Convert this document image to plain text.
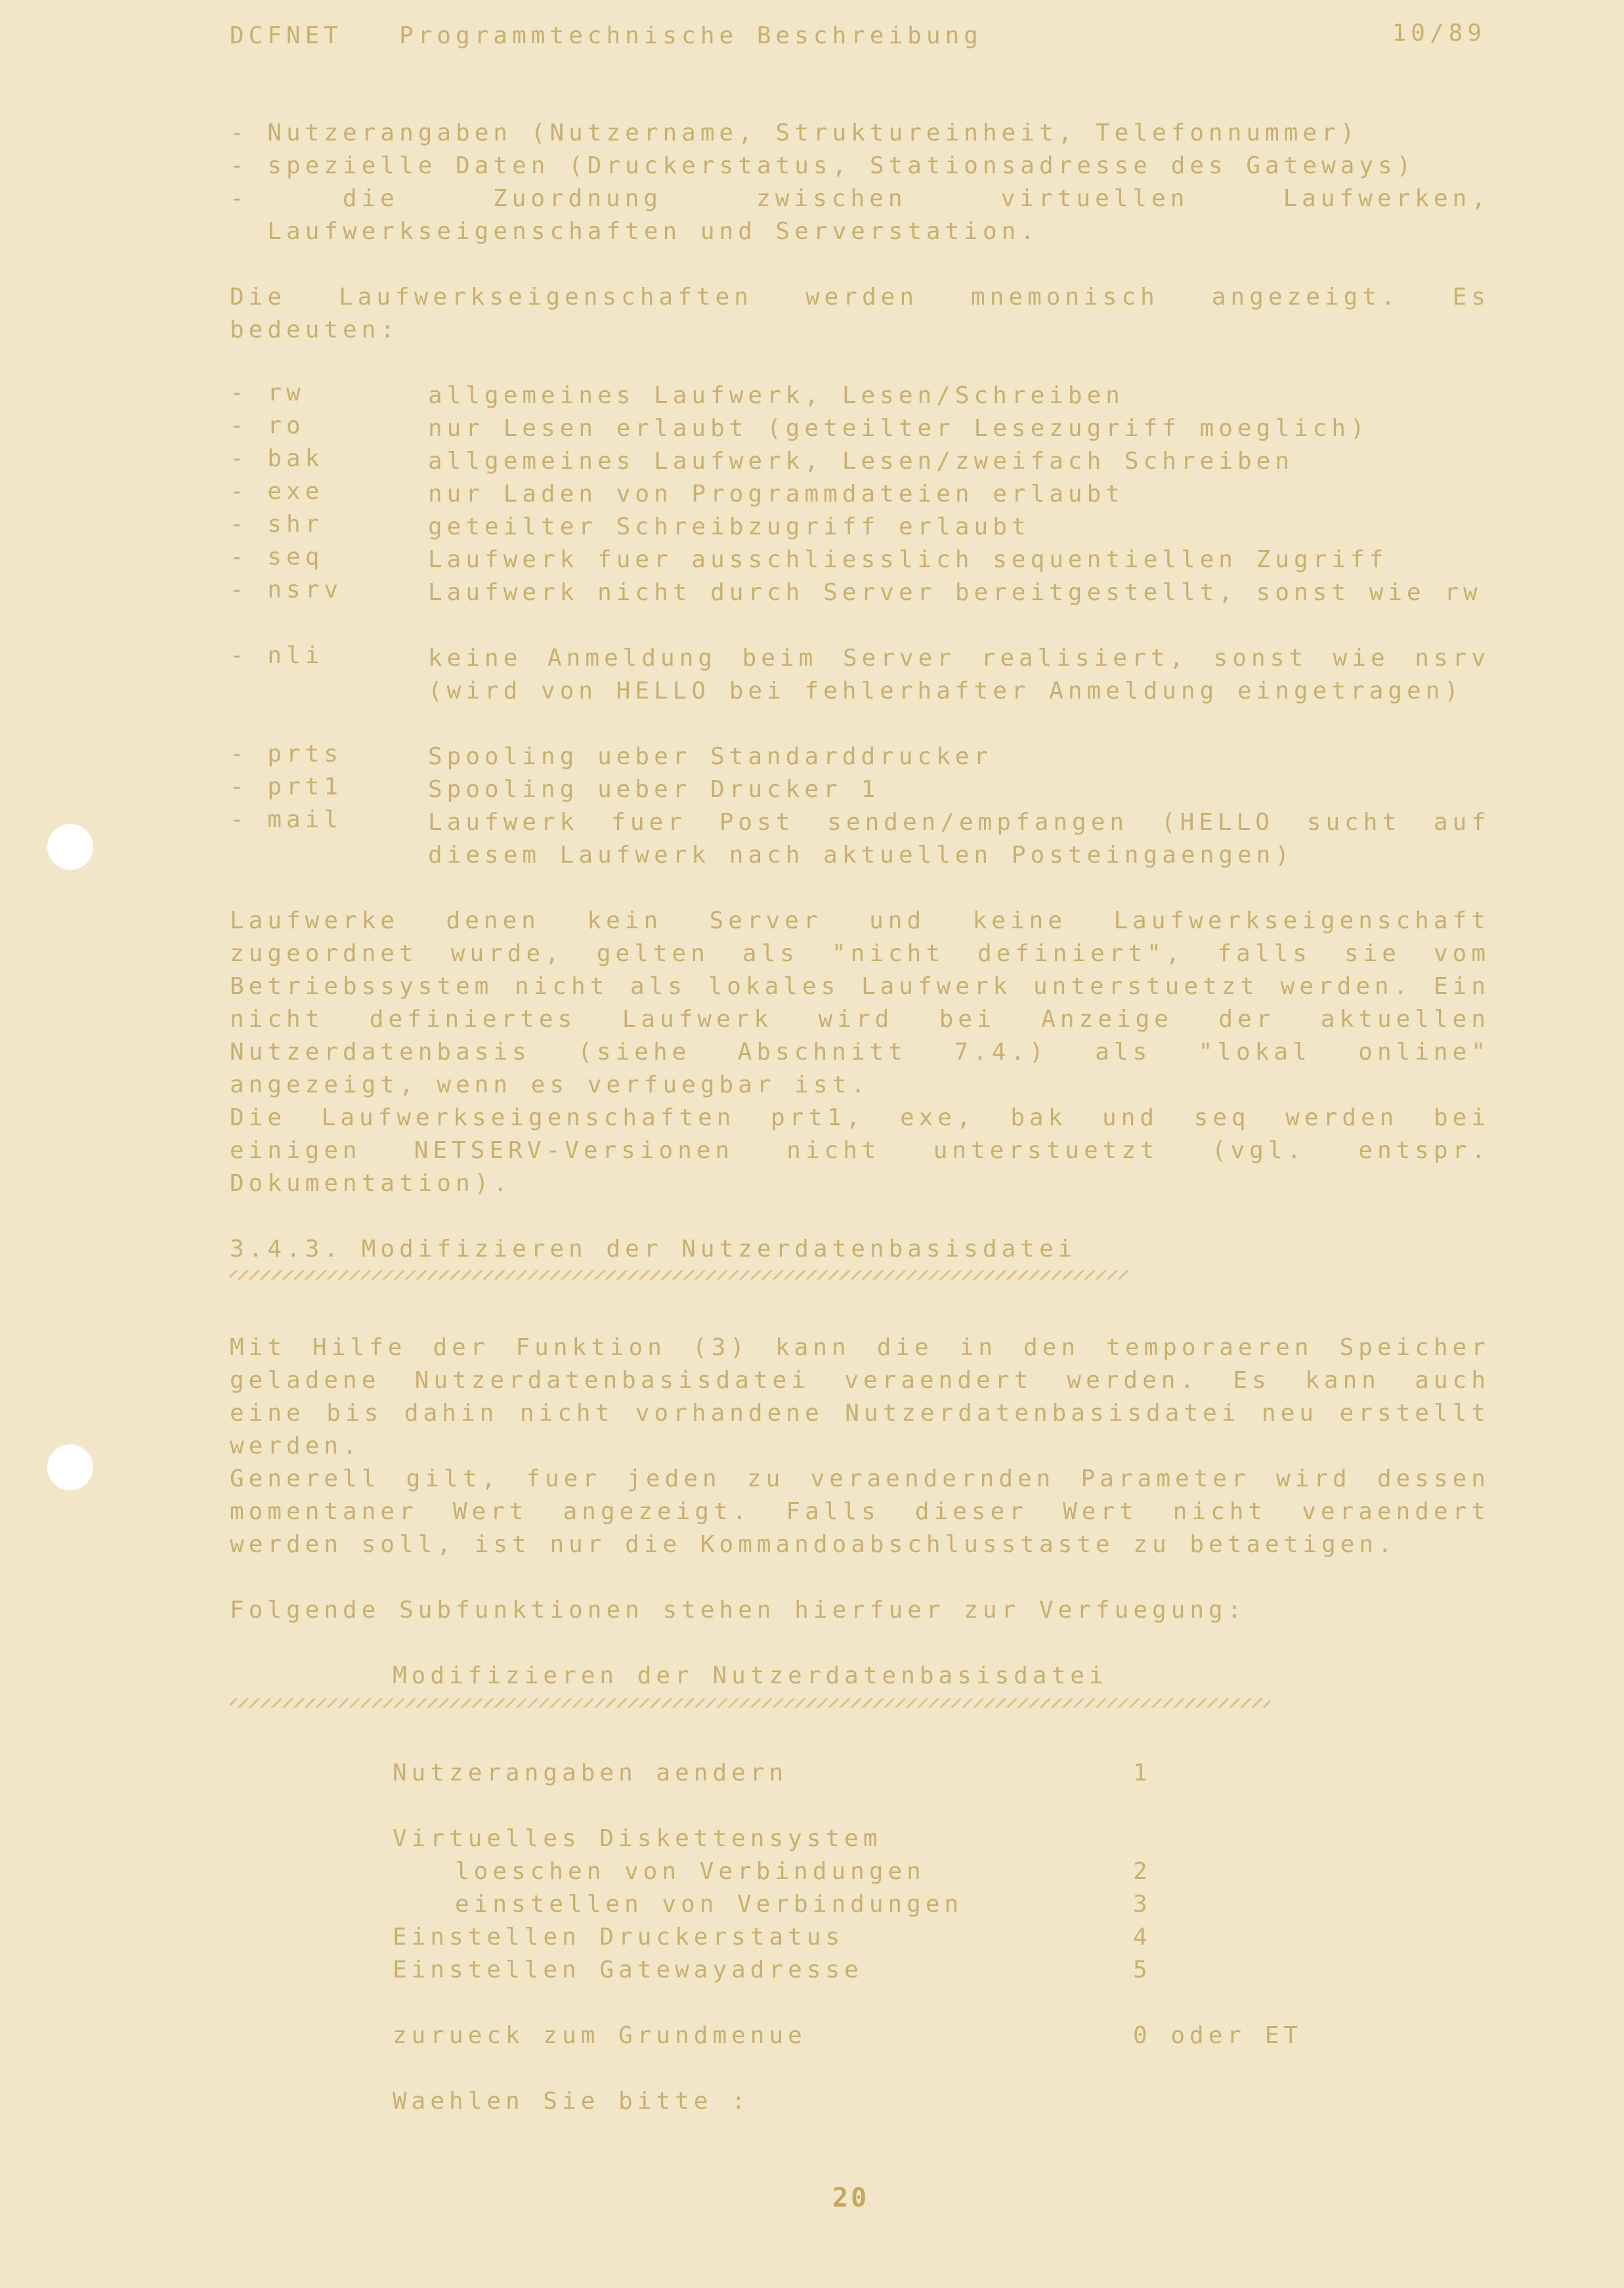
DCFNET   Programmtechnische Beschreibung	10/89
- Nutzerangaben (Nutzername, Struktureinheit, Telefonnummer)
- spezielle Daten (Druckerstatus, Stationsadresse des Gateways)
- die Zuordnung zwischen virtuellen Laufwerken,
Laufwerkseigenschaften und Serverstation.
Die Laufwerkseigenschaften werden mnemonisch angezeigt. Es bedeuten:
- rw	allgemeines Laufwerk, Lesen/Schreiben
- ro	nur Lesen erlaubt (geteilter Lesezugriff moeglich)
- bak	allgemeines Laufwerk, Lesen/zweifach Schreiben
- exe	nur Laden von Programmdateien erlaubt
- shr	geteilter Schreibzugriff erlaubt
- seq	Laufwerk fuer ausschliesslich sequentiellen Zugriff
- nsrv	Laufwerk nicht durch Server bereitgestellt, sonst wie rw
- nli	keine Anmeldung beim Server realisiert, sonst wie nsrv (wird von HELLO bei fehlerhafter Anmeldung eingetragen)
- prts	Spooling ueber Standarddrucker
- prt1	Spooling ueber Drucker 1
- mail	Laufwerk fuer Post senden/empfangen (HELLO sucht auf diesem Laufwerk nach aktuellen Posteingaengen)
Laufwerke denen kein Server und keine Laufwerkseigenschaft zugeordnet wurde, gelten als "nicht definiert", falls sie vom Betriebssystem nicht als lokales Laufwerk unterstuetzt werden. Ein nicht definiertes Laufwerk wird bei Anzeige der aktuellen Nutzerdatenbasis (siehe Abschnitt 7.4.) als "lokal online" angezeigt, wenn es verfuegbar ist.
Die Laufwerkseigenschaften prt1, exe, bak und seq werden bei einigen NETSERV-Versionen nicht unterstuetzt (vgl. entspr. Dokumentation).
3.4.3. Modifizieren der Nutzerdatenbasisdatei
Mit Hilfe der Funktion (3) kann die in den temporaeren Speicher geladene Nutzerdatenbasisdatei veraendert werden. Es kann auch eine bis dahin nicht vorhandene Nutzerdatenbasisdatei neu erstellt werden.
Generell gilt, fuer jeden zu veraendernden Parameter wird dessen momentaner Wert angezeigt. Falls dieser Wert nicht veraendert werden soll, ist nur die Kommandoabschlusstaste zu betaetigen.
Folgende Subfunktionen stehen hierfuer zur Verfuegung:
Modifizieren der Nutzerdatenbasisdatei
Nutzerangaben aendern	1
Virtuelles Diskettensystem
loeschen von Verbindungen	2
einstellen von Verbindungen	3
Einstellen Druckerstatus	4
Einstellen Gatewayadresse	5
zurueck zum Grundmenue	0 oder ET
Waehlen Sie bitte :
20
